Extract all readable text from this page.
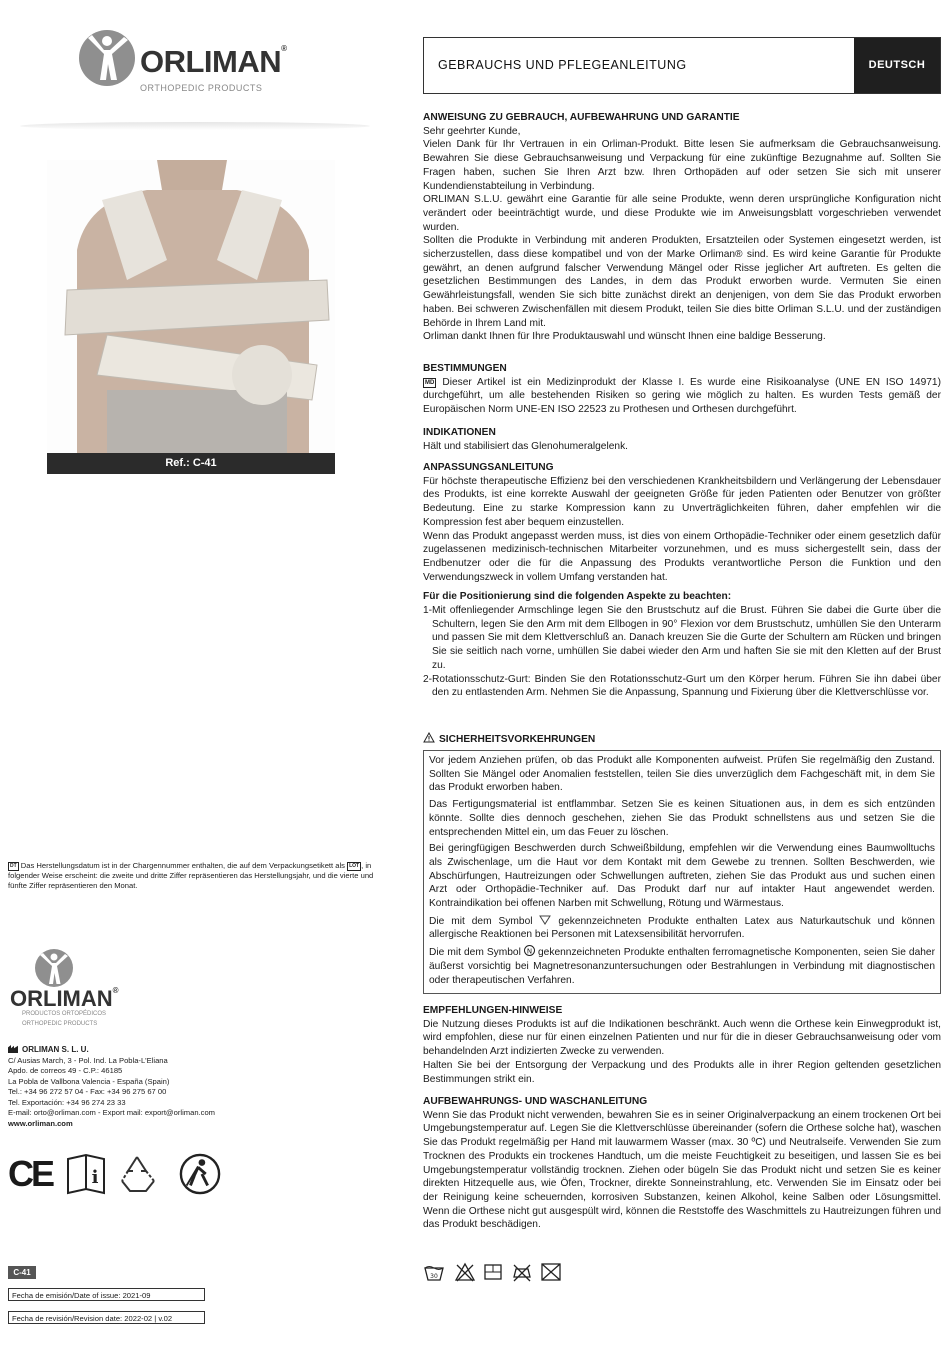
ORLIMAN®
ORTHOPEDIC PRODUCTS
Ref.: C-41
DT Das Herstellungsdatum ist in der Chargennummer enthalten, die auf dem Verpackungsetikett als LOT , in folgender Weise erscheint: die zweite und dritte Ziffer repräsentieren das Herstellungsjahr, und die vierte und fünfte Ziffer repräsentieren den Monat.
ORLIMAN®
PRODUCTOS ORTOPÉDICOS
ORTHOPEDIC PRODUCTS
ORLIMAN S. L. U.
C/ Ausias March, 3 - Pol. Ind. La Pobla-L'Eliana
Apdo. de correos 49 - C.P.: 46185
La Pobla de Vallbona Valencia - España (Spain)
Tel.: +34 96 272 57 04 - Fax: +34 96 275 67 00
Tel. Exportación: +34 96 274 23 33
E-mail: orto@orliman.com - Export mail: export@orliman.com
www.orliman.com
CE	i
C-41
Fecha de emisión/Date of issue: 2021-09
Fecha de revisión/Revision date: 2022-02 | v.02
GEBRAUCHS UND PFLEGEANLEITUNG	DEUTSCH
ANWEISUNG ZU GEBRAUCH, AUFBEWAHRUNG UND GARANTIE

Sehr geehrter Kunde,

Vielen Dank für Ihr Vertrauen in ein Orliman-Produkt. Bitte lesen Sie aufmerksam die Gebrauchsanweisung. Bewahren Sie diese Gebrauchsanweisung und Verpackung für eine zukünftige Bezugnahme auf. Sollten Sie Fragen haben, suchen Sie Ihren Arzt bzw. Ihren Orthopäden auf oder setzen Sie sich mit unserer Kundendienstabteilung in Verbindung.

ORLIMAN S.L.U. gewährt eine Garantie für alle seine Produkte, wenn deren ursprüngliche Konfiguration nicht verändert oder beeinträchtigt wurde, und diese Produkte wie im Anweisungsblatt vorgeschrieben verwendet wurden.

Sollten die Produkte in Verbindung mit anderen Produkten, Ersatzteilen oder Systemen eingesetzt werden, ist sicherzustellen, dass diese kompatibel und von der Marke Orliman® sind. Es wird keine Garantie für Produkte gewährt, an denen aufgrund falscher Verwendung Mängel oder Risse jeglicher Art auftreten. Es gelten die gesetzlichen Bestimmungen des Landes, in dem das Produkt erworben wurde. Vermuten Sie einen Gewährleistungsfall, wenden Sie sich bitte zunächst direkt an denjenigen, von dem Sie das Produkt erworben haben. Bei schweren Zwischenfällen mit diesem Produkt, teilen Sie dies bitte Orliman S.L.U. und der zuständigen Behörde in Ihrem Land mit.

Orliman dankt Ihnen für Ihre Produktauswahl und wünscht Ihnen eine baldige Besserung.

BESTIMMUNGEN

MD Dieser Artikel ist ein Medizinprodukt der Klasse I. Es wurde eine Risikoanalyse (UNE EN ISO 14971) durchgeführt, um alle bestehenden Risiken so gering wie möglich zu halten. Es wurden Tests gemäß der Europäischen Norm UNE-EN ISO 22523 zu Prothesen und Orthesen durchgeführt.

INDIKATIONEN

Hält und stabilisiert das Glenohumeralgelenk.

ANPASSUNGSANLEITUNG

Für höchste therapeutische Effizienz bei den verschiedenen Krankheitsbildern und Verlängerung der Lebensdauer des Produkts, ist eine korrekte Auswahl der geeigneten Größe für jeden Patienten oder Benutzer von größter Bedeutung. Eine zu starke Kompression kann zu Unverträglichkeiten führen, daher empfehlen wir die Kompression fest aber bequem einzustellen.

Wenn das Produkt angepasst werden muss, ist dies von einem Orthopädie-Techniker oder einem gesetzlich dafür zugelassenen medizinisch-technischen Mitarbeiter vorzunehmen, und es muss sichergestellt sein, dass der Endbenutzer oder die für die Anpassung des Produkts verantwortliche Person die Funktion und den Verwendungszweck in vollem Umfang verstanden hat.

Für die Positionierung sind die folgenden Aspekte zu beachten:

1-Mit offenliegender Armschlinge legen Sie den Brustschutz auf die Brust. Führen Sie dabei die Gurte über die Schultern, legen Sie den Arm mit dem Ellbogen in 90° Flexion vor dem Brustschutz, umhüllen Sie den Unterarm und passen Sie mit dem Klettverschluß an. Danach kreuzen Sie die Gurte der Schultern am Rücken und bringen Sie sie seitlich nach vorne, umhüllen Sie dabei wieder den Arm und haften Sie sie mit den Kletten auf der Brust zu.

2-Rotationsschutz-Gurt: Binden Sie den Rotationsschutz-Gurt um den Körper herum. Führen Sie ihn dabei über den zu entlastenden Arm. Nehmen Sie die Anpassung, Spannung und Fixierung über die Klettverschlüsse vor.

SICHERHEITSVORKEHRUNGEN

Vor jedem Anziehen prüfen, ob das Produkt alle Komponenten aufweist. Prüfen Sie regelmäßig den Zustand. Sollten Sie Mängel oder Anomalien feststellen, teilen Sie dies unverzüglich dem Fachgeschäft mit, in dem Sie das Produkt erworben haben.

Das Fertigungsmaterial ist entflammbar. Setzen Sie es keinen Situationen aus, in dem es sich entzünden könnte. Sollte dies dennoch geschehen, ziehen Sie das Produkt schnellstens aus und setzen Sie die entsprechenden Mittel ein, um das Feuer zu löschen.

Bei geringfügigen Beschwerden durch Schweißbildung, empfehlen wir die Verwendung eines Baumwolltuchs als Zwischenlage, um die Haut vor dem Kontakt mit dem Gewebe zu trennen. Sollten Beschwerden, wie Abschürfungen, Hautreizungen oder Schwellungen auftreten, ziehen Sie das Produkt aus und suchen einen Arzt oder Orthopädie-Techniker auf. Das Produkt darf nur auf intakter Haut angewendet werden. Kontraindikation bei offenen Narben mit Schwellung, Rötung und Wärmestaus.

Die mit dem Symbol	gekennzeichneten Produkte enthalten Latex aus Naturkautschuk und können allergische Reaktionen bei Personen mit Latexsensibilität hervorrufen.

Die mit dem Symbol N gekennzeichneten Produkte enthalten ferromagnetische Komponenten, seien Sie daher äußerst vorsichtig bei Magnetresonanzuntersuchungen oder Bestrahlungen in Verbindung mit diagnostischen oder therapeutischen Verfahren.

EMPFEHLUNGEN-HINWEISE

Die Nutzung dieses Produkts ist auf die Indikationen beschränkt. Auch wenn die Orthese kein Einwegprodukt ist, wird empfohlen, diese nur für einen einzelnen Patienten und nur für die in dieser Gebrauchsanweisung oder vom behandelnden Arzt indizierten Zwecke zu verwenden.

Halten Sie bei der Entsorgung der Verpackung und des Produkts alle in ihrer Region geltenden gesetzlichen Bestimmungen strikt ein.

AUFBEWAHRUNGS- UND WASCHANLEITUNG

Wenn Sie das Produkt nicht verwenden, bewahren Sie es in seiner Originalverpackung an einem trockenen Ort bei Umgebungstemperatur auf. Legen Sie die Klettverschlüsse übereinander (sofern die Orthese solche hat), waschen Sie das Produkt regelmäßig per Hand mit lauwarmem Wasser (max. 30 ºC) und Neutralseife. Verwenden Sie zum Trocknen des Produkts ein trockenes Handtuch, um die meiste Feuchtigkeit zu beseitigen, und lassen Sie es bei Umgebungstemperatur vollständig trocknen. Ziehen oder bügeln Sie das Produkt nicht und setzen Sie es keiner direkten Hitzequelle aus, wie Öfen, Trockner, direkte Sonneinstrahlung, etc. Verwenden Sie im Einsatz oder bei der Reinigung keine scheuernden, korrosiven Substanzen, keinen Alkohol, keine Salben oder Lösungsmittel. Wenn die Orthese nicht gut ausgespült wird, können die Reststoffe des Waschmittels zu Hautreizungen führen und das Produkt beschädigen.

30
